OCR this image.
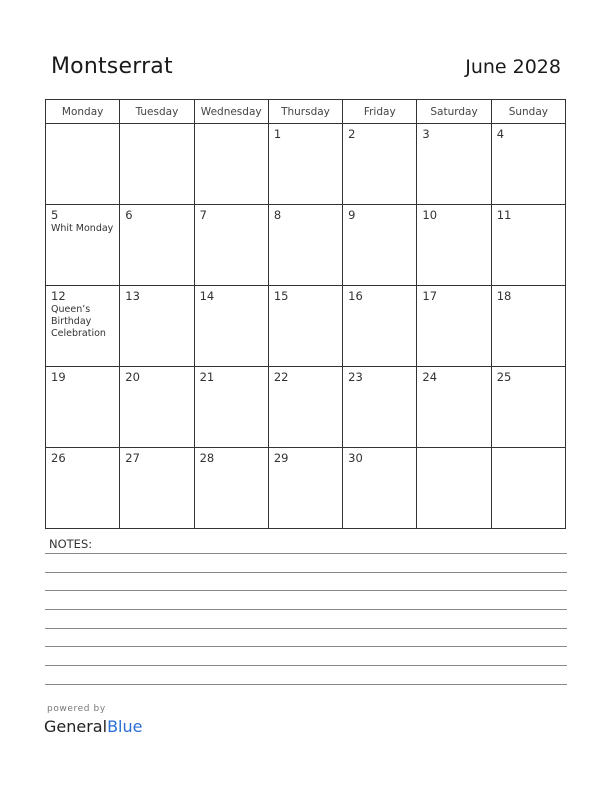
Montserrat	June 2028
Monday	Tuesday	Wednesday	Thursday	Friday	Saturday	Sunday

			1	2	3	4

5
Whit Monday	6	7	8	9	10	11

12
Queen’s Birthday Celebration	13	14	15	16	17	18

19	20	21	22	23	24	25

26	27	28	29	30		

NOTES:
powered by
GeneralBlue
